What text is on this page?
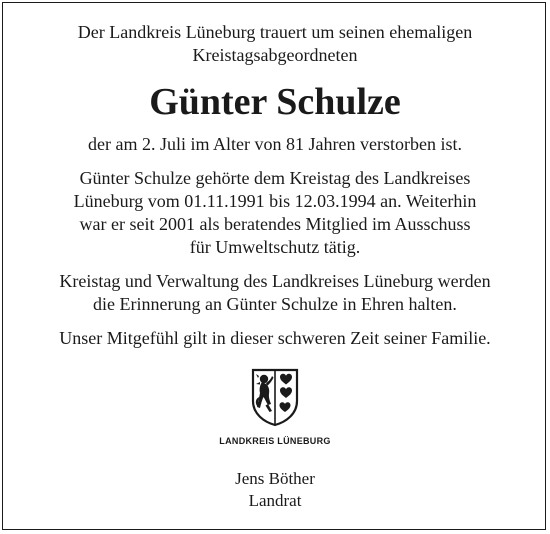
Der Landkreis Lüneburg trauert um seinen ehemaligen
Kreistagsabgeordneten

Günter Schulze

der am 2. Juli im Alter von 81 Jahren verstorben ist.

Günter Schulze gehörte dem Kreistag des Landkreises
Lüneburg vom 01.11.1991 bis 12.03.1994 an. Weiterhin
war er seit 2001 als beratendes Mitglied im Ausschuss
für Umweltschutz tätig.

Kreistag und Verwaltung des Landkreises Lüneburg werden
die Erinnerung an Günter Schulze in Ehren halten.

Unser Mitgefühl gilt in dieser schweren Zeit seiner Familie.

LANDKREIS LÜNEBURG

Jens Böther
Landrat
